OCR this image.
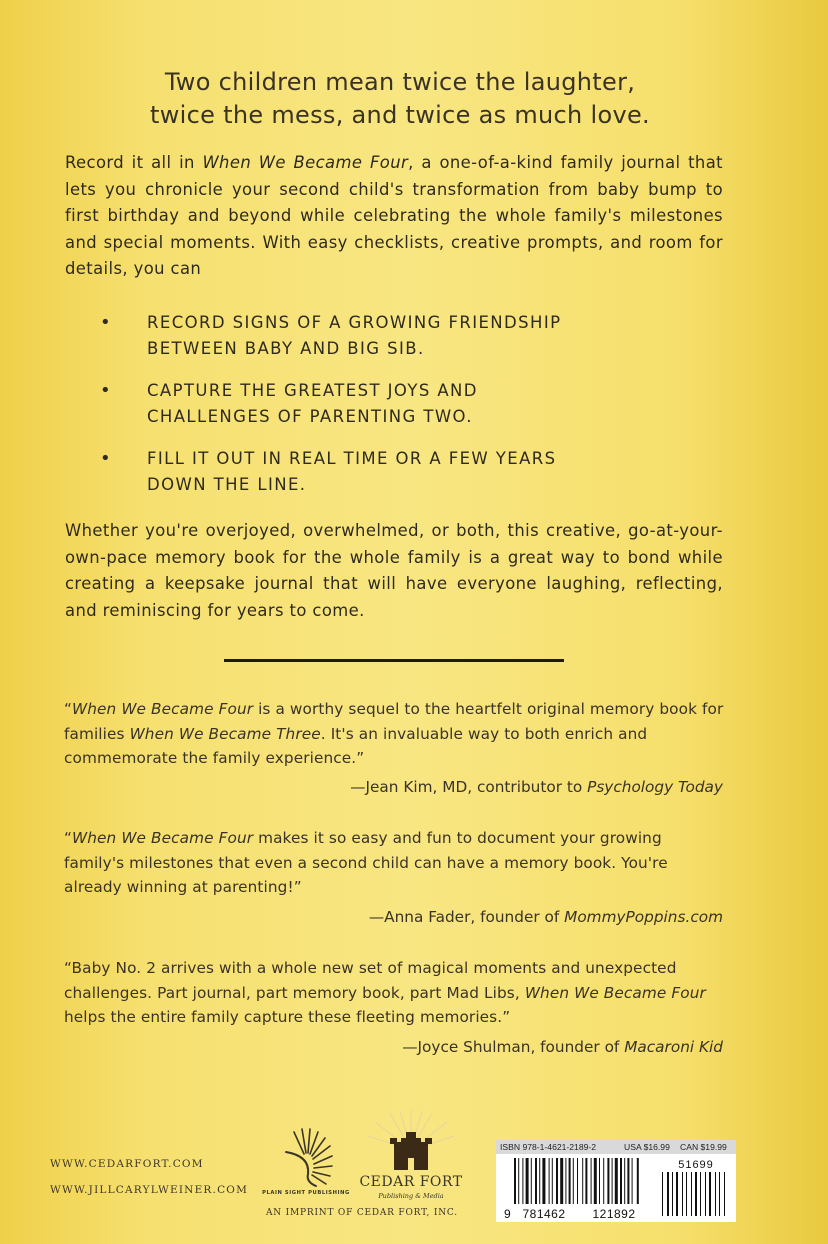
Two children mean twice the laughter,
twice the mess, and twice as much love.
Record it all in When We Became Four, a one-of-a-kind family journal that lets you chronicle your second child's transformation from baby bump to first birthday and beyond while celebrating the whole family's milestones and special moments. With easy checklists, creative prompts, and room for details, you can
• RECORD SIGNS OF A GROWING FRIENDSHIP
BETWEEN BABY AND BIG SIB.
• CAPTURE THE GREATEST JOYS AND
CHALLENGES OF PARENTING TWO.
• FILL IT OUT IN REAL TIME OR A FEW YEARS
DOWN THE LINE.
Whether you're overjoyed, overwhelmed, or both, this creative, go-at-your-own-pace memory book for the whole family is a great way to bond while creating a keepsake journal that will have everyone laughing, reflecting, and reminiscing for years to come.
“When We Became Four is a worthy sequel to the heartfelt original memory book for families When We Became Three. It's an invaluable way to both enrich and commemorate the family experience.”
—Jean Kim, MD, contributor to Psychology Today
“When We Became Four makes it so easy and fun to document your growing family's milestones that even a second child can have a memory book. You're already winning at parenting!”
—Anna Fader, founder of MommyPoppins.com
“Baby No. 2 arrives with a whole new set of magical moments and unexpected challenges. Part journal, part memory book, part Mad Libs, When We Became Four helps the entire family capture these fleeting memories.”
—Joyce Shulman, founder of Macaroni Kid
WWW.CEDARFORT.COM
WWW.JILLCARYLWEINER.COM	PLAIN SIGHT PUBLISHING
CEDAR FORT
Publishing & Media
AN IMPRINT OF CEDAR FORT, INC.
ISBN 978-1-4621-2189-2	USA $16.99 CAN $19.99
9 781462 121892
51699
